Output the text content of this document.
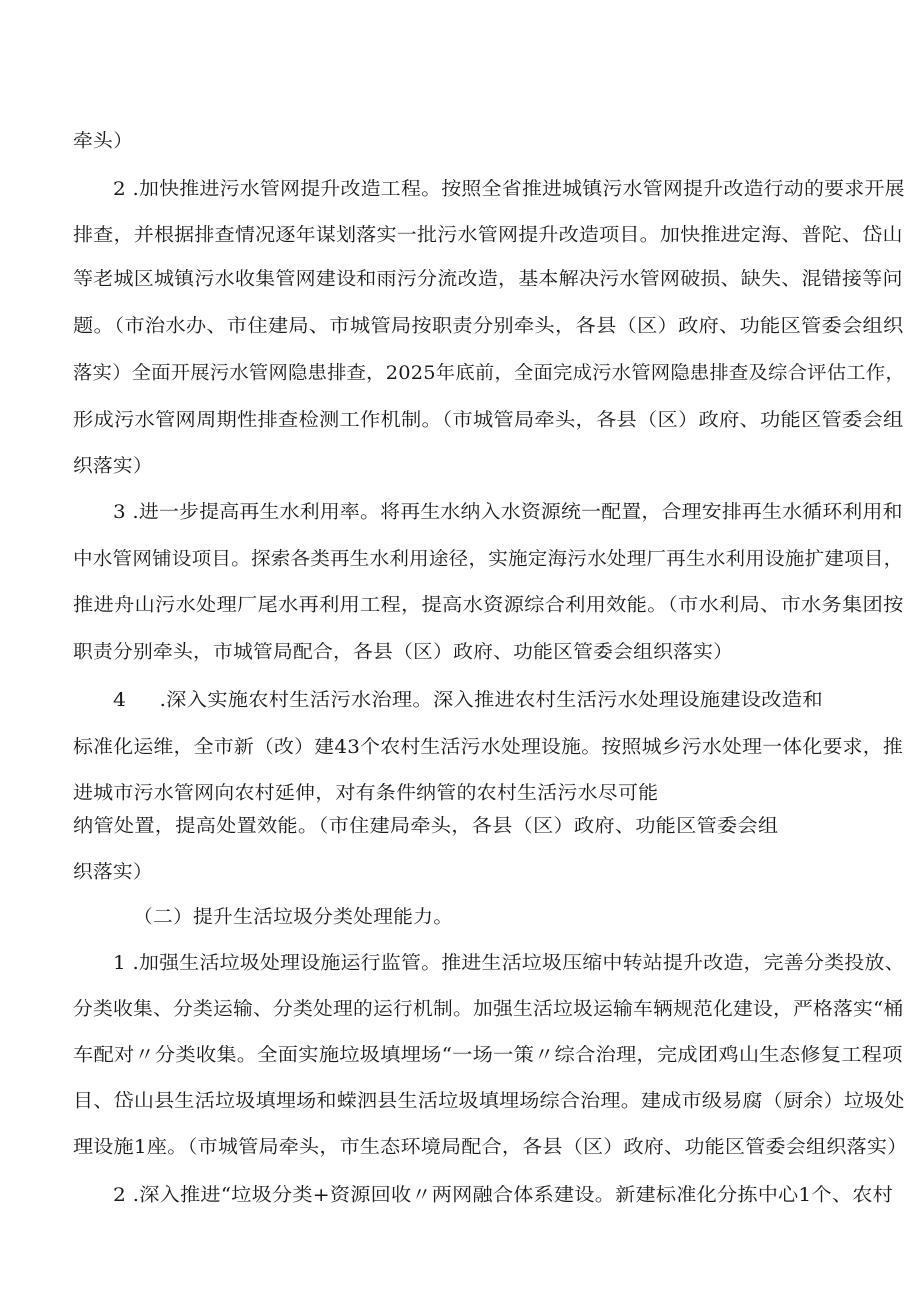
牵头）
2 .加快推进污水管网提升改造工程。按照全省推进城镇污水管网提升改造行动的要求开展
排查，并根据排查情况逐年谋划落实一批污水管网提升改造项目。加快推进定海、普陀、岱山
等老城区城镇污水收集管网建设和雨污分流改造，基本解决污水管网破损、缺失、混错接等问
题。（市治水办、市住建局、市城管局按职责分别牵头，各县（区）政府、功能区管委会组织
落实）全面开展污水管网隐患排查，2025年底前，全面完成污水管网隐患排查及综合评估工作，
形成污水管网周期性排查检测工作机制。（市城管局牵头，各县（区）政府、功能区管委会组
织落实）
3 .进一步提高再生水利用率。将再生水纳入水资源统一配置，合理安排再生水循环利用和
中水管网铺设项目。探索各类再生水利用途径，实施定海污水处理厂再生水利用设施扩建项目，
推进舟山污水处理厂尾水再利用工程，提高水资源综合利用效能。（市水利局、市水务集团按
职责分别牵头，市城管局配合，各县（区）政府、功能区管委会组织落实）
4     .深入实施农村生活污水治理。深入推进农村生活污水处理设施建设改造和
标准化运维，全市新（改）建43个农村生活污水处理设施。按照城乡污水处理一体化要求，推
进城市污水管网向农村延伸，对有条件纳管的农村生活污水尽可能
纳管处置，提高处置效能。（市住建局牵头，各县（区）政府、功能区管委会组
织落实）
（二）提升生活垃圾分类处理能力。
1 .加强生活垃圾处理设施运行监管。推进生活垃圾压缩中转站提升改造，完善分类投放、
分类收集、分类运输、分类处理的运行机制。加强生活垃圾运输车辆规范化建设，严格落实“桶
车配对〃分类收集。全面实施垃圾填埋场“一场一策〃综合治理，完成团鸡山生态修复工程项
目、岱山县生活垃圾填埋场和蝾泗县生活垃圾填埋场综合治理。建成市级易腐（厨余）垃圾处
理设施1座。（市城管局牵头，市生态环境局配合，各县（区）政府、功能区管委会组织落实）
2 .深入推进“垃圾分类+资源回收〃两网融合体系建设。新建标准化分拣中心1个、农村
